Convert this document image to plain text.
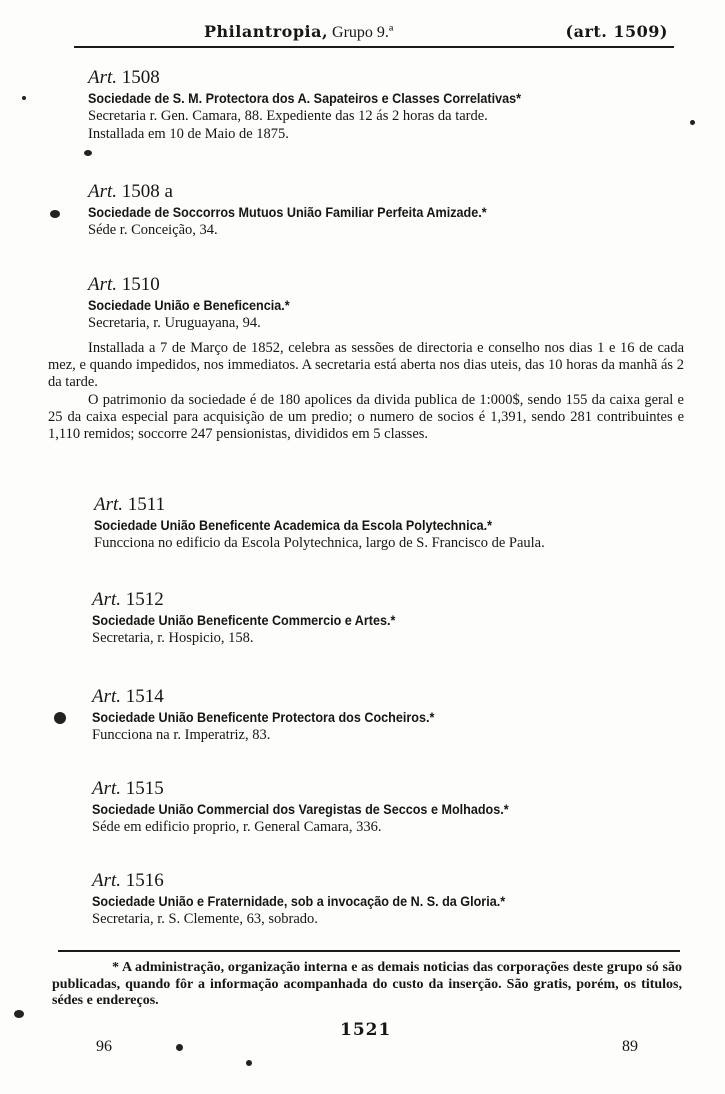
Philantropia, Grupo 9.ª	(art. 1509)
Art. 1508
Sociedade de S. M. Protectora dos A. Sapateiros e Classes Correlativas*
Secretaria r. Gen. Camara, 88. Expediente das 12 ás 2 horas da tarde.
Installada em 10 de Maio de 1875.
Art. 1508 a
Sociedade de Soccorros Mutuos União Familiar Perfeita Amizade.*
Séde r. Conceição, 34.
Art. 1510
Sociedade União e Beneficencia.*
Secretaria, r. Uruguayana, 94.

Installada a 7 de Março de 1852, celebra as sessões de directoria e conselho nos dias 1 e 16 de cada mez, e quando impedidos, nos immediatos. A secretaria está aberta nos dias uteis, das 10 horas da manhã ás 2 da tarde.

O patrimonio da sociedade é de 180 apolices da divida publica de 1:000$, sendo 155 da caixa geral e 25 da caixa especial para acquisição de um predio; o numero de socios é 1,391, sendo 281 contribuintes e 1,110 remidos; soccorre 247 pensionistas, divididos em 5 classes.

Art. 1511
Sociedade União Beneficente Academica da Escola Polytechnica.*
Funcciona no edificio da Escola Polytechnica, largo de S. Francisco de Paula.
Art. 1512
Sociedade União Beneficente Commercio e Artes.*
Secretaria, r. Hospicio, 158.
Art. 1514
Sociedade União Beneficente Protectora dos Cocheiros.*
Funcciona na r. Imperatriz, 83.
Art. 1515
Sociedade União Commercial dos Varegistas de Seccos e Molhados.*
Séde em edificio proprio, r. General Camara, 336.
Art. 1516
Sociedade União e Fraternidade, sob a invocação de N. S. da Gloria.*
Secretaria, r. S. Clemente, 63, sobrado.
* A administração, organização interna e as demais noticias das corporações deste grupo só são publicadas, quando fôr a informação acompanhada do custo da inserção. São gratis, porém, os titulos, sédes e endereços.
1521
96	89
